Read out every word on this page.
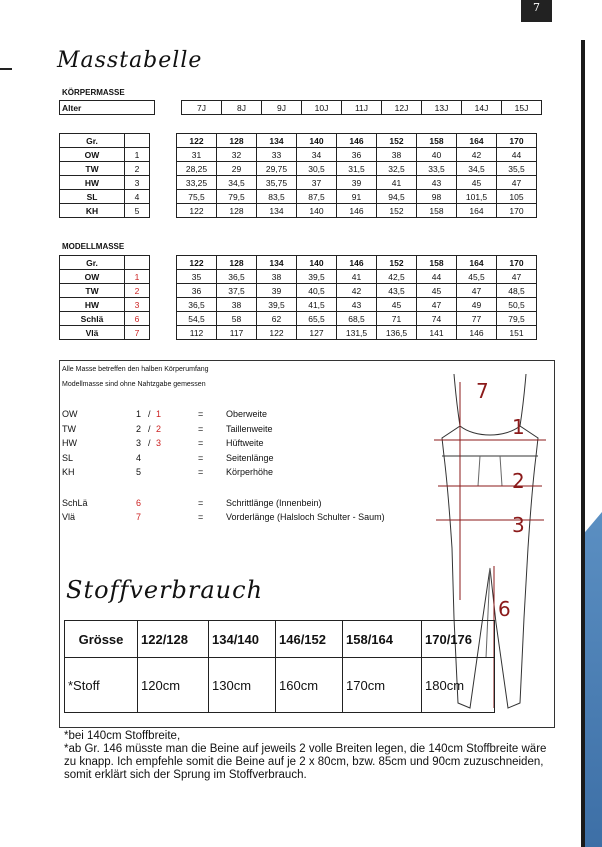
7
Masstabelle
KÖRPERMASSE
Alter		7J	8J	9J	10J	11J	12J	13J	14J	15J
Gr.			122	128	134	140	146	152	158	164	170
OW	1		31	32	33	34	36	38	40	42	44
TW	2		28,25	29	29,75	30,5	31,5	32,5	33,5	34,5	35,5
HW	3		33,25	34,5	35,75	37	39	41	43	45	47
SL	4		75,5	79,5	83,5	87,5	91	94,5	98	101,5	105
KH	5		122	128	134	140	146	152	158	164	170
MODELLMASSE
Gr.			122	128	134	140	146	152	158	164	170
OW	1		35	36,5	38	39,5	41	42,5	44	45,5	47
TW	2		36	37,5	39	40,5	42	43,5	45	47	48,5
HW	3		36,5	38	39,5	41,5	43	45	47	49	50,5
Schlä	6		54,5	58	62	65,5	68,5	71	74	77	79,5
Vlä	7		112	117	122	127	131,5	136,5	141	146	151
Alle Masse betreffen den halben Körperumfang
Modellmasse sind ohne Nahtzgabe gemessen
OW	1 / 1	=	Oberweite
TW	2 / 2	=	Taillenweite
HW	3 / 3	=	Hüftweite
SL	4	=	Seitenlänge
KH	5	=	Körperhöhe
SchLä	6	=	Schrittlänge (Innenbein)
Vlä	7	=	Vorderlänge (Halsloch Schulter - Saum)
7
1
2
3
6
Stoffverbrauch
Grösse	122/128	134/140	146/152	158/164	170/176
*Stoff	120cm	130cm	160cm	170cm	180cm
*bei 140cm Stoffbreite,
*ab Gr. 146 müsste man die Beine auf jeweils 2 volle Breiten legen, die 140cm Stoffbreite wäre zu knapp. Ich empfehle somit die Beine auf je 2 x 80cm, bzw. 85cm und 90cm zuzuschneiden, somit erklärt sich der Sprung im Stoffverbrauch.
